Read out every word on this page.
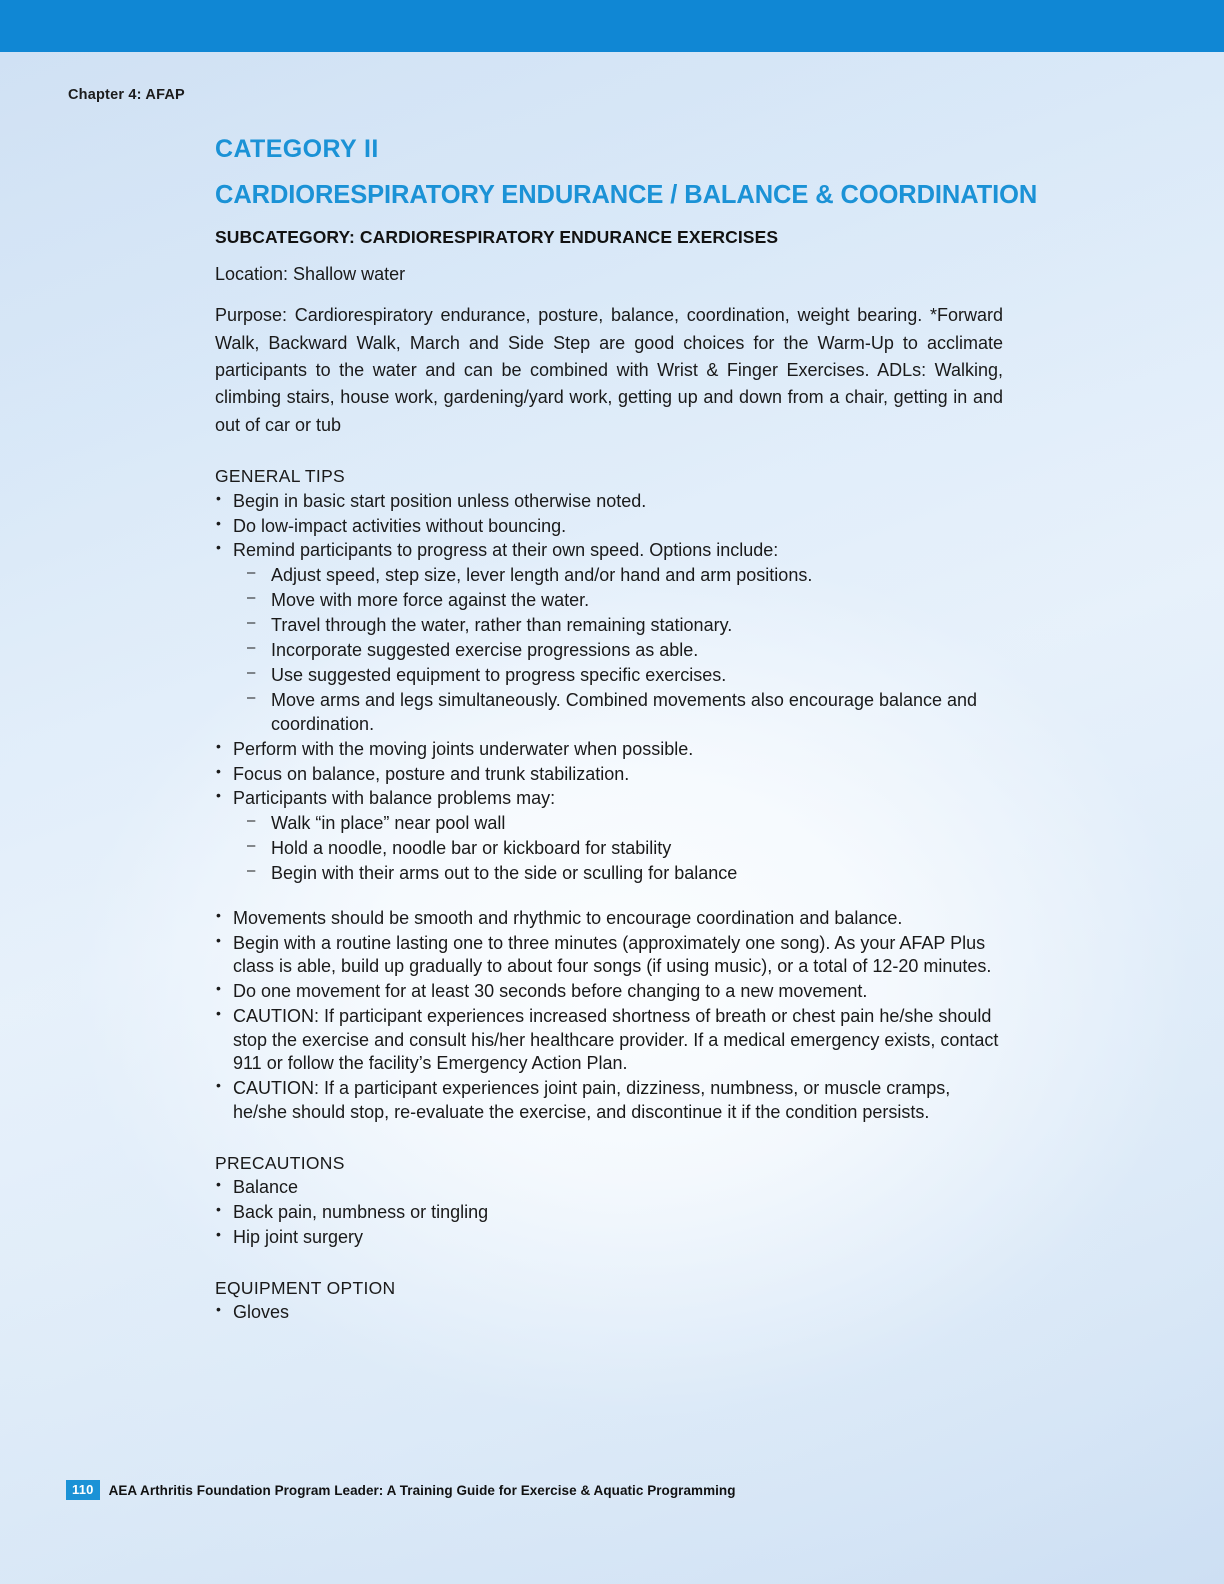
Chapter 4: AFAP
CATEGORY II
CARDIORESPIRATORY ENDURANCE / BALANCE & COORDINATION
SUBCATEGORY: CARDIORESPIRATORY ENDURANCE EXERCISES

Location: Shallow water

Purpose: Cardiorespiratory endurance, posture, balance, coordination, weight bearing. *Forward Walk, Backward Walk, March and Side Step are good choices for the Warm-Up to acclimate participants to the water and can be combined with Wrist & Finger Exercises. ADLs: Walking, climbing stairs, house work, gardening/yard work, getting up and down from a chair, getting in and out of car or tub

GENERAL TIPS
• Begin in basic start position unless otherwise noted.
• Do low-impact activities without bouncing.
• Remind participants to progress at their own speed. Options include:
– Adjust speed, step size, lever length and/or hand and arm positions.
– Move with more force against the water.
– Travel through the water, rather than remaining stationary.
– Incorporate suggested exercise progressions as able.
– Use suggested equipment to progress specific exercises.
– Move arms and legs simultaneously. Combined movements also encourage balance and coordination.
• Perform with the moving joints underwater when possible.
• Focus on balance, posture and trunk stabilization.
• Participants with balance problems may:
– Walk “in place” near pool wall
– Hold a noodle, noodle bar or kickboard for stability
– Begin with their arms out to the side or sculling for balance
• Movements should be smooth and rhythmic to encourage coordination and balance.
• Begin with a routine lasting one to three minutes (approximately one song). As your AFAP Plus class is able, build up gradually to about four songs (if using music), or a total of 12-20 minutes.
• Do one movement for at least 30 seconds before changing to a new movement.
• CAUTION: If participant experiences increased shortness of breath or chest pain he/she should stop the exercise and consult his/her healthcare provider. If a medical emergency exists, contact 911 or follow the facility’s Emergency Action Plan.
• CAUTION: If a participant experiences joint pain, dizziness, numbness, or muscle cramps, he/she should stop, re-evaluate the exercise, and discontinue it if the condition persists.
PRECAUTIONS
• Balance
• Back pain, numbness or tingling
• Hip joint surgery
EQUIPMENT OPTION
• Gloves
110	AEA Arthritis Foundation Program Leader: A Training Guide for Exercise & Aquatic Programming
